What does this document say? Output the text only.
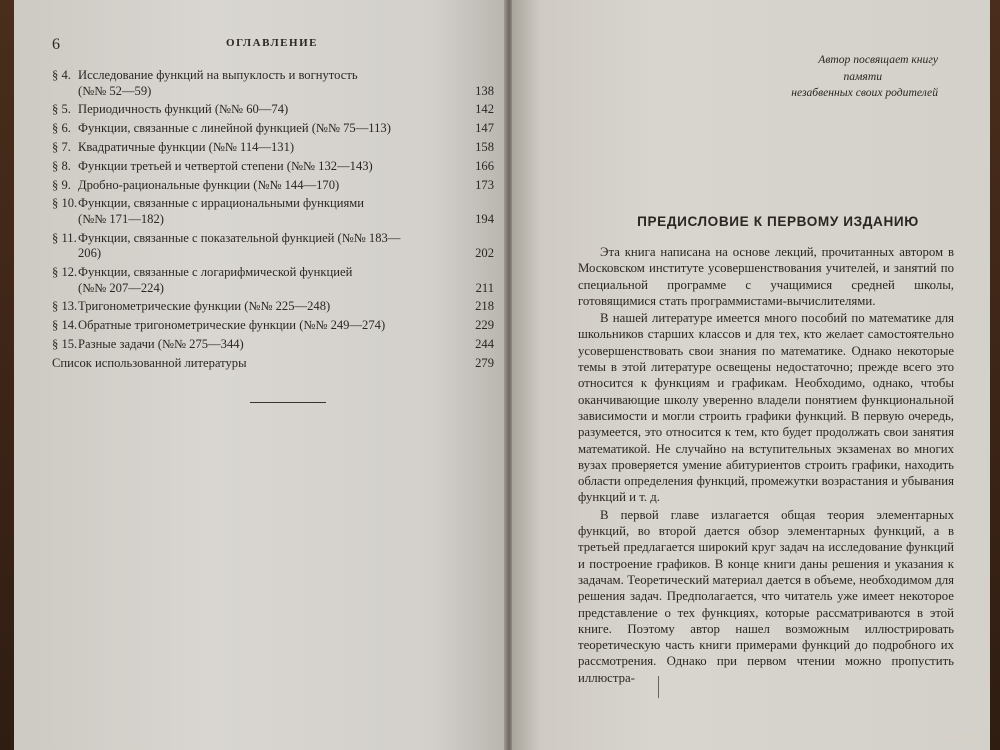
6	ОГЛАВЛЕНИЕ
§ 4. Исследование функций на выпуклость и вогнутость
(№№ 52—59)	138
§ 5. Периодичность функций (№№ 60—74)	142
§ 6. Функции, связанные с линейной функцией (№№ 75—113)	147
§ 7. Квадратичные функции (№№ 114—131)	158
§ 8. Функции третьей и четвертой степени (№№ 132—143)	166
§ 9. Дробно-рациональные функции (№№ 144—170)	173
§ 10.Функции, связанные с иррациональными функциями
(№№ 171—182)	194
§ 11.Функции, связанные с показательной функцией (№№ 183—
206)	202
§ 12.Функции, связанные с логарифмической функцией
(№№ 207—224)	211
§ 13.Тригонометрические функции (№№ 225—248)	218
§ 14.Обратные тригонометрические функции (№№ 249—274)	229
§ 15.Разные задачи (№№ 275—344)	244
Список использованной литературы	279
Автор посвящает книгу
памяти
незабвенных своих родителей
ПРЕДИСЛОВИЕ К ПЕРВОМУ ИЗДАНИЮ

Эта книга написана на основе лекций, прочитанных автором в Московском институте усовершенствования учителей, и занятий по специальной программе с учащимися средней школы, готовящимися стать программистами-вычислителями.

В нашей литературе имеется много пособий по математике для школьников старших классов и для тех, кто желает самостоятельно усовершенствовать свои знания по математике. Однако некоторые темы в этой литературе освещены недостаточно; прежде всего это относится к функциям и графикам. Необходимо, однако, чтобы оканчивающие школу уверенно владели понятием функциональной зависимости и могли строить графики функций. В первую очередь, разумеется, это относится к тем, кто будет продолжать свои занятия математикой. Не случайно на вступительных экзаменах во многих вузах проверяется умение абитуриентов строить графики, находить области определения функций, промежутки возрастания и убывания функций и т. д.

В первой главе излагается общая теория элементарных функций, во второй дается обзор элементарных функций, а в третьей предлагается широкий круг задач на исследование функций и построение графиков. В конце книги даны решения и указания к задачам. Теоретический материал дается в объеме, необходимом для решения задач. Предполагается, что читатель уже имеет некоторое представление о тех функциях, которые рассматриваются в этой книге. Поэтому автор нашел возможным иллюстрировать теоретическую часть книги примерами функций до подробного их рассмотрения. Однако при первом чтении можно пропустить иллюстра-

www.ay.by
